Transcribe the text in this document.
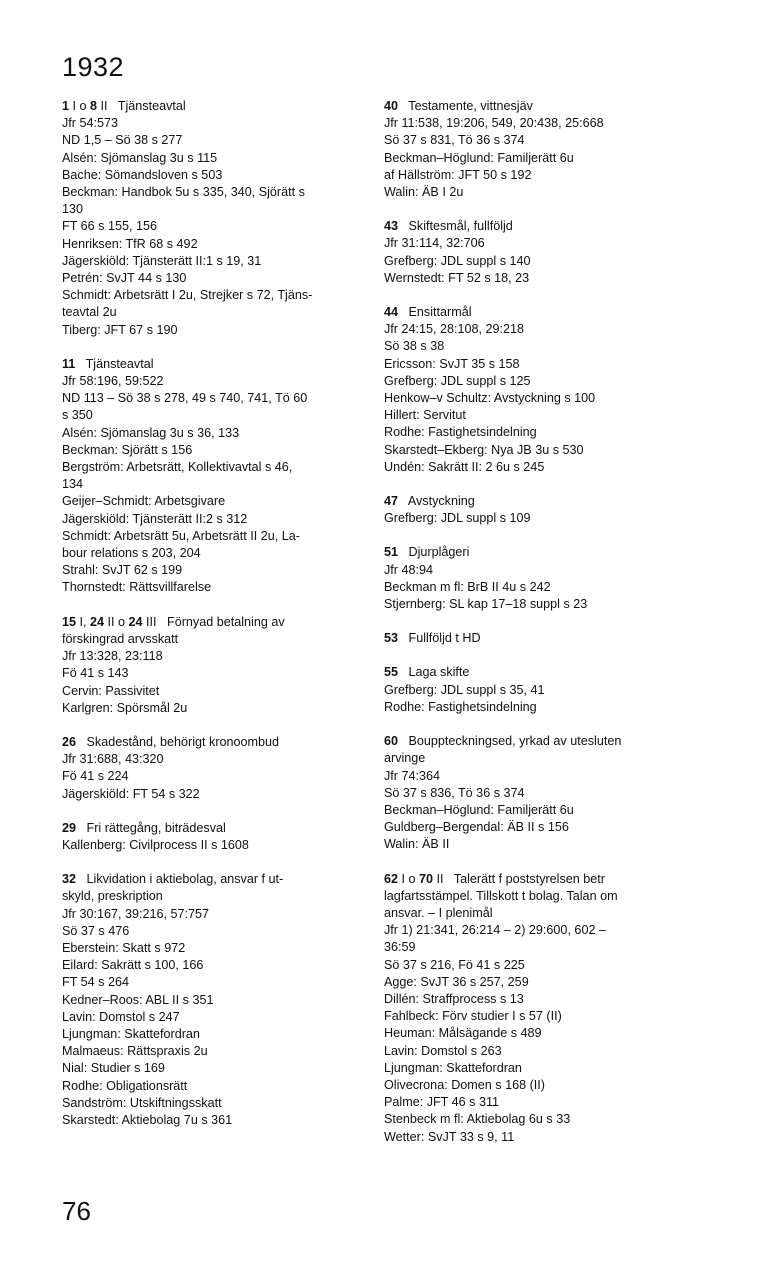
1932
1 I o 8 II   Tjänsteavtal
Jfr 54:573
ND 1,5 – Sö 38 s 277
Alsén: Sjömanslag 3u s 115
Bache: Sömandsloven s 503
Beckman: Handbok 5u s 335, 340, Sjörätt s
130
FT 66 s 155, 156
Henriksen: TfR 68 s 492
Jägerskiöld: Tjänsterätt II:1 s 19, 31
Petrén: SvJT 44 s 130
Schmidt: Arbetsrätt I 2u, Strejker s 72, Tjäns-
teavtal 2u
Tiberg: JFT 67 s 190
11   Tjänsteavtal
Jfr 58:196, 59:522
ND 113 – Sö 38 s 278, 49 s 740, 741, Tö 60
s 350
Alsén: Sjömanslag 3u s 36, 133
Beckman: Sjörätt s 156
Bergström: Arbetsrätt, Kollektivavtal s 46,
134
Geijer–Schmidt: Arbetsgivare
Jägerskiöld: Tjänsterätt II:2 s 312
Schmidt: Arbetsrätt 5u, Arbetsrätt II 2u, La-
bour relations s 203, 204
Strahl: SvJT 62 s 199
Thornstedt: Rättsvillfarelse
15 I, 24 II o 24 III   Förnyad betalning av
förskingrad arvsskatt
Jfr 13:328, 23:118
Fö 41 s 143
Cervin: Passivitet
Karlgren: Spörsmål 2u
26   Skadestånd, behörigt kronoombud
Jfr 31:688, 43:320
Fö 41 s 224
Jägerskiöld: FT 54 s 322
29   Fri rättegång, biträdesval
Kallenberg: Civilprocess II s 1608
32   Likvidation i aktiebolag, ansvar f ut-
skyld, preskription
Jfr 30:167, 39:216, 57:757
Sö 37 s 476
Eberstein: Skatt s 972
Eilard: Sakrätt s 100, 166
FT 54 s 264
Kedner–Roos: ABL II s 351
Lavin: Domstol s 247
Ljungman: Skattefordran
Malmaeus: Rättspraxis 2u
Nial: Studier s 169
Rodhe: Obligationsrätt
Sandström: Utskiftningsskatt
Skarstedt: Aktiebolag 7u s 361
40   Testamente, vittnesjäv
Jfr 11:538, 19:206, 549, 20:438, 25:668
Sö 37 s 831, Tö 36 s 374
Beckman–Höglund: Familjerätt 6u
af Hällström: JFT 50 s 192
Walin: ÄB I 2u
43   Skiftesmål, fullföljd
Jfr 31:114, 32:706
Grefberg: JDL suppl s 140
Wernstedt: FT 52 s 18, 23
44   Ensittarmål
Jfr 24:15, 28:108, 29:218
Sö 38 s 38
Ericsson: SvJT 35 s 158
Grefberg: JDL suppl s 125
Henkow–v Schultz: Avstyckning s 100
Hillert: Servitut
Rodhe: Fastighetsindelning
Skarstedt–Ekberg: Nya JB 3u s 530
Undén: Sakrätt II: 2 6u s 245
47   Avstyckning
Grefberg: JDL suppl s 109
51   Djurplågeri
Jfr 48:94
Beckman m fl: BrB II 4u s 242
Stjernberg: SL kap 17–18 suppl s 23
53   Fullföljd t HD
55   Laga skifte
Grefberg: JDL suppl s 35, 41
Rodhe: Fastighetsindelning
60   Bouppteckningsed, yrkad av utesluten
arvinge
Jfr 74:364
Sö 37 s 836, Tö 36 s 374
Beckman–Höglund: Familjerätt 6u
Guldberg–Bergendal: ÄB II s 156
Walin: ÄB II
62 I o 70 II   Talerätt f poststyrelsen betr
lagfartsstämpel. Tillskott t bolag. Talan om
ansvar. – I plenimål
Jfr 1) 21:341, 26:214 – 2) 29:600, 602 –
36:59
Sö 37 s 216, Fö 41 s 225
Agge: SvJT 36 s 257, 259
Dillén: Straffprocess s 13
Fahlbeck: Förv studier I s 57 (II)
Heuman: Målsägande s 489
Lavin: Domstol s 263
Ljungman: Skattefordran
Olivecrona: Domen s 168 (II)
Palme: JFT 46 s 311
Stenbeck m fl: Aktiebolag 6u s 33
Wetter: SvJT 33 s 9, 11
76
